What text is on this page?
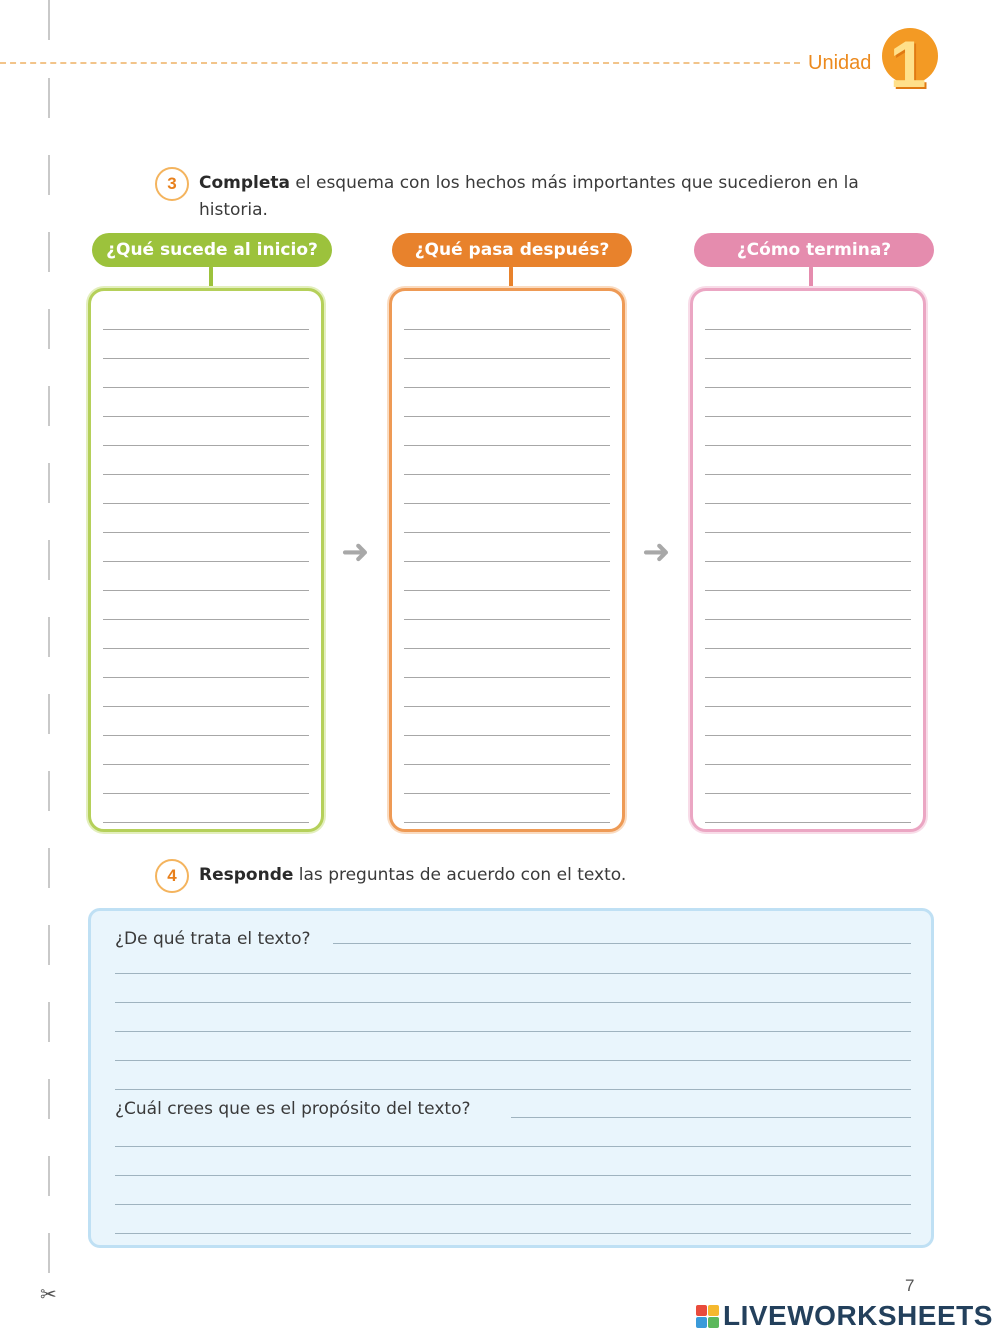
Unidad 1
3	Completa el esquema con los hechos más importantes que sucedieron en la historia.
¿Qué sucede al inicio?	¿Qué pasa después?	¿Cómo termina?
➜	➜
4	Responde las preguntas de acuerdo con el texto.
¿De qué trata el texto?
¿Cuál crees que es el propósito del texto?
✂	7
LIVEWORKSHEETS
